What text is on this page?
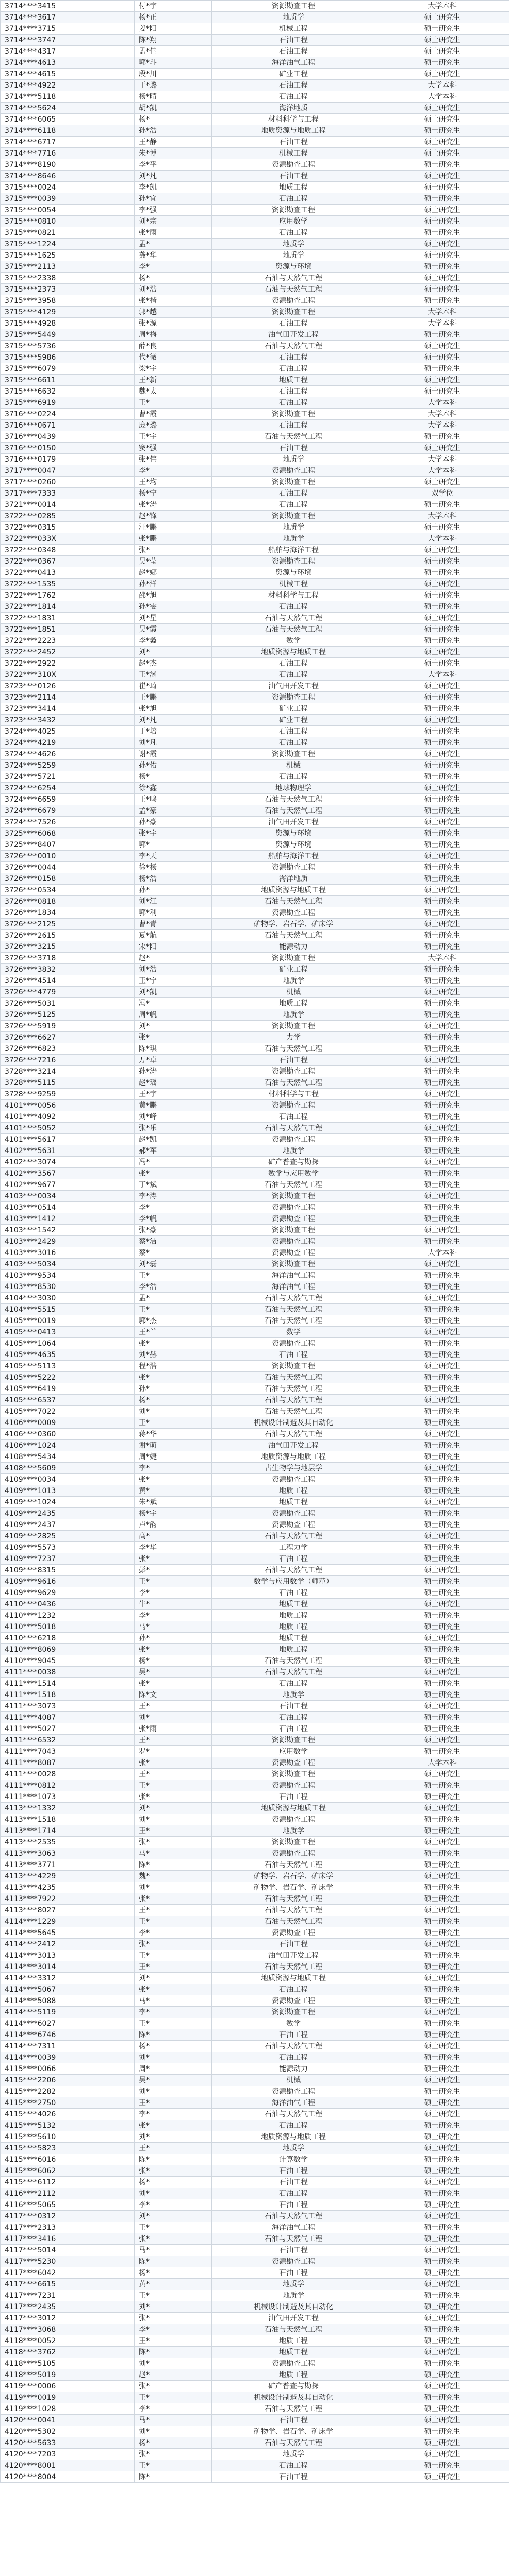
3714****3415	付*宇	资源勘查工程	大学本科
3714****3617	杨*正	地质学	硕士研究生
3714****3715	姜*阳	机械工程	硕士研究生
3714****3747	陈*翔	石油工程	硕士研究生
3714****4317	孟*佳	石油工程	硕士研究生
3714****4613	郭*斗	海洋油气工程	硕士研究生
3714****4615	段*川	矿业工程	硕士研究生
3714****4922	于*璐	石油工程	大学本科
3714****5118	杨*晴	石油工程	大学本科
3714****5624	胡*凯	海洋地质	硕士研究生
3714****6065	杨*	材料科学与工程	硕士研究生
3714****6118	孙*浩	地质资源与地质工程	硕士研究生
3714****6717	王*静	石油工程	硕士研究生
3714****7716	朱*博	机械工程	硕士研究生
3714****8190	李*平	资源勘查工程	硕士研究生
3714****8646	刘*凡	石油工程	硕士研究生
3715****0024	李*凯	地质工程	硕士研究生
3715****0039	孙*宜	石油工程	硕士研究生
3715****0054	李*强	资源勘查工程	硕士研究生
3715****0810	刘*宗	应用数学	硕士研究生
3715****0821	张*雨	石油工程	硕士研究生
3715****1224	孟*	地质学	硕士研究生
3715****1625	龚*华	地质学	硕士研究生
3715****2113	李*	资源与环境	硕士研究生
3715****2338	杨*	石油与天然气工程	硕士研究生
3715****2373	刘*浩	石油与天然气工程	硕士研究生
3715****3958	张*楷	资源勘查工程	硕士研究生
3715****4129	郭*越	资源勘查工程	大学本科
3715****4928	张*源	石油工程	大学本科
3715****5449	周*梅	油气田开发工程	硕士研究生
3715****5736	薛*良	石油与天然气工程	硕士研究生
3715****5986	代*微	石油工程	硕士研究生
3715****6079	梁*宇	石油工程	硕士研究生
3715****6611	王*新	地质工程	硕士研究生
3715****6632	魏*太	石油工程	硕士研究生
3715****6919	王*	石油工程	大学本科
3716****0224	曹*霞	资源勘查工程	大学本科
3716****0671	庞*璐	石油工程	大学本科
3716****0439	王*宇	石油与天然气工程	硕士研究生
3716****0150	窦*强	石油工程	硕士研究生
3716****0179	张*伟	地质学	大学本科
3717****0047	李*	资源勘查工程	大学本科
3717****0260	王*均	资源勘查工程	硕士研究生
3717****7333	杨*宁	石油工程	双学位
3721****0014	张*涛	石油工程	硕士研究生
3722****0285	赵*锋	资源勘查工程	大学本科
3722****0315	汪*鹏	地质学	硕士研究生
3722****033X	张*鹏	地质学	大学本科
3722****0348	张*	船舶与海洋工程	硕士研究生
3722****0367	吴*莹	资源勘查工程	硕士研究生
3722****0413	赵*娜	资源与环境	硕士研究生
3722****1535	孙*洋	机械工程	硕士研究生
3722****1762	邵*旭	材料科学与工程	硕士研究生
3722****1814	孙*雯	石油工程	硕士研究生
3722****1831	刘*星	石油与天然气工程	硕士研究生
3722****1851	吴*霞	石油与天然气工程	硕士研究生
3722****2223	李*鑫	数学	硕士研究生
3722****2452	刘*	地质资源与地质工程	硕士研究生
3722****2922	赵*杰	石油工程	硕士研究生
3722****310X	王*涵	石油工程	大学本科
3723****0126	崔*琦	油气田开发工程	硕士研究生
3723****2114	王*鹏	资源勘查工程	硕士研究生
3723****3414	张*旭	矿业工程	硕士研究生
3723****3432	刘*凡	矿业工程	硕士研究生
3724****4025	丁*培	石油工程	硕士研究生
3724****4219	刘*凡	石油工程	硕士研究生
3724****4626	谢*霞	资源勘查工程	硕士研究生
3724****5259	孙*佑	机械	硕士研究生
3724****5721	杨*	石油工程	硕士研究生
3724****6254	徐*鑫	地球物理学	硕士研究生
3724****6659	王*鸣	石油与天然气工程	硕士研究生
3724****6679	孟*豪	石油与天然气工程	硕士研究生
3724****7526	孙*豪	油气田开发工程	硕士研究生
3725****6068	张*宇	资源与环境	硕士研究生
3725****8407	郭*	资源与环境	硕士研究生
3726****0010	李*天	船舶与海洋工程	硕士研究生
3726****0044	徐*杨	资源勘查工程	硕士研究生
3726****0158	杨*浩	海洋地质	硕士研究生
3726****0534	孙*	地质资源与地质工程	硕士研究生
3726****0818	刘*江	石油与天然气工程	硕士研究生
3726****1834	郭*利	资源勘查工程	硕士研究生
3726****2125	曹*青	矿物学、岩石学、矿床学	硕士研究生
3726****2615	夏*航	石油与天然气工程	硕士研究生
3726****3215	宋*阳	能源动力	硕士研究生
3726****3718	赵*	资源勘查工程	大学本科
3726****3832	刘*浩	矿业工程	硕士研究生
3726****4514	王*宁	地质学	硕士研究生
3726****4779	刘*凯	机械	硕士研究生
3726****5031	冯*	地质工程	硕士研究生
3726****5125	周*帆	地质学	硕士研究生
3726****5919	刘*	资源勘查工程	硕士研究生
3726****6627	张*	力学	硕士研究生
3726****6823	陈*琪	石油与天然气工程	硕士研究生
3726****7216	万*卓	石油工程	硕士研究生
3728****3214	孙*涛	资源勘查工程	硕士研究生
3728****5115	赵*瑶	石油与天然气工程	硕士研究生
3728****9259	王*宇	材料科学与工程	硕士研究生
4101****0056	黄*鹏	资源勘查工程	硕士研究生
4101****4092	刘*峰	石油工程	硕士研究生
4101****5052	张*乐	石油与天然气工程	硕士研究生
4101****5617	赵*凯	资源勘查工程	硕士研究生
4102****5631	郝*军	地质学	硕士研究生
4102****3074	冯*	矿产普查与勘探	硕士研究生
4102****3567	张*	数学与应用数学	硕士研究生
4102****9677	丁*斌	石油与天然气工程	硕士研究生
4103****0034	李*涛	资源勘查工程	硕士研究生
4103****0514	李*	资源勘查工程	硕士研究生
4103****1412	李*帆	资源勘查工程	硕士研究生
4103****1542	张*豪	资源勘查工程	硕士研究生
4103****2429	蔡*洁	资源勘查工程	硕士研究生
4103****3016	蔡*	资源勘查工程	大学本科
4103****5034	刘*磊	资源勘查工程	硕士研究生
4103****9534	王*	海洋油气工程	硕士研究生
4103****8530	李*浩	海洋油气工程	硕士研究生
4104****3030	孟*	石油与天然气工程	硕士研究生
4104****5515	王*	石油与天然气工程	硕士研究生
4105****0019	郭*杰	石油与天然气工程	硕士研究生
4105****0413	王*兰	数学	硕士研究生
4105****1064	张*	资源勘查工程	硕士研究生
4105****4635	刘*赫	石油工程	硕士研究生
4105****5113	程*浩	资源勘查工程	硕士研究生
4105****5222	张*	石油与天然气工程	硕士研究生
4105****6419	孙*	石油与天然气工程	硕士研究生
4105****6537	杨*	石油与天然气工程	硕士研究生
4105****7022	刘*	石油与天然气工程	硕士研究生
4106****0009	王*	机械设计制造及其自动化	硕士研究生
4106****0360	蒋*华	石油与天然气工程	硕士研究生
4106****1024	谢*萌	油气田开发工程	硕士研究生
4108****5434	周*婕	地质资源与地质工程	硕士研究生
4108****5609	李*	古生物学与地层学	硕士研究生
4109****0034	张*	资源勘查工程	硕士研究生
4109****1013	黄*	地质工程	硕士研究生
4109****1024	朱*斌	地质工程	硕士研究生
4109****2435	杨*宇	资源勘查工程	硕士研究生
4109****2437	卢*韵	资源勘查工程	硕士研究生
4109****2825	高*	石油与天然气工程	硕士研究生
4109****5573	李*华	工程力学	硕士研究生
4109****7237	张*	石油工程	硕士研究生
4109****8315	彭*	石油与天然气工程	硕士研究生
4109****9616	王*	数学与应用数学（师范）	硕士研究生
4109****9629	李*	石油工程	硕士研究生
4110****0436	牛*	地质工程	硕士研究生
4110****1232	李*	地质工程	硕士研究生
4110****5018	马*	地质工程	硕士研究生
4110****6218	孙*	地质工程	硕士研究生
4110****8069	张*	地质工程	硕士研究生
4110****9045	杨*	石油与天然气工程	硕士研究生
4111****0038	吴*	石油与天然气工程	硕士研究生
4111****1514	张*	石油工程	硕士研究生
4111****1518	陈*文	地质学	硕士研究生
4111****3073	王*	石油工程	硕士研究生
4111****4087	刘*	石油工程	硕士研究生
4111****5027	张*雨	石油工程	硕士研究生
4111****6532	王*	资源勘查工程	硕士研究生
4111****7043	罗*	应用数学	硕士研究生
4111****8087	张*	资源勘查工程	大学本科
4111****0028	王*	资源勘查工程	硕士研究生
4111****0812	王*	资源勘查工程	硕士研究生
4111****1073	张*	石油工程	硕士研究生
4113****1332	刘*	地质资源与地质工程	硕士研究生
4113****1518	刘*	资源勘查工程	硕士研究生
4113****1714	王*	地质学	硕士研究生
4113****2535	张*	资源勘查工程	硕士研究生
4113****3063	马*	资源勘查工程	硕士研究生
4113****3771	陈*	石油与天然气工程	硕士研究生
4113****4229	魏*	矿物学、岩石学、矿床学	硕士研究生
4113****4235	刘*	矿物学、岩石学、矿床学	硕士研究生
4113****7922	张*	石油与天然气工程	硕士研究生
4113****8027	王*	石油与天然气工程	硕士研究生
4114****1229	王*	石油与天然气工程	硕士研究生
4114****5645	李*	资源勘查工程	硕士研究生
4114****2412	张*	石油工程	硕士研究生
4114****3013	王*	油气田开发工程	硕士研究生
4114****3014	王*	石油与天然气工程	硕士研究生
4114****3312	刘*	地质资源与地质工程	硕士研究生
4114****5067	张*	石油工程	硕士研究生
4114****5088	马*	资源勘查工程	硕士研究生
4114****5119	李*	资源勘查工程	硕士研究生
4114****6027	王*	数学	硕士研究生
4114****6746	陈*	石油工程	硕士研究生
4114****7311	杨*	石油与天然气工程	硕士研究生
4114****0039	刘*	石油工程	硕士研究生
4115****0066	周*	能源动力	硕士研究生
4115****2206	吴*	机械	硕士研究生
4115****2282	刘*	资源勘查工程	硕士研究生
4115****2750	王*	海洋油气工程	硕士研究生
4115****4026	李*	石油与天然气工程	硕士研究生
4115****5132	张*	石油工程	硕士研究生
4115****5610	刘*	地质资源与地质工程	硕士研究生
4115****5823	王*	地质学	硕士研究生
4115****6016	陈*	计算数学	硕士研究生
4115****6062	张*	石油工程	硕士研究生
4115****6112	杨*	石油工程	硕士研究生
4116****2112	刘*	石油工程	硕士研究生
4116****5065	李*	石油工程	硕士研究生
4117****0312	刘*	石油与天然气工程	硕士研究生
4117****2313	王*	海洋油气工程	硕士研究生
4117****3416	张*	石油与天然气工程	硕士研究生
4117****5014	马*	石油工程	硕士研究生
4117****5230	陈*	资源勘查工程	硕士研究生
4117****6042	杨*	石油工程	硕士研究生
4117****6615	黄*	地质学	硕士研究生
4117****7231	王*	地质学	硕士研究生
4117****2435	刘*	机械设计制造及其自动化	硕士研究生
4117****3012	张*	油气田开发工程	硕士研究生
4117****3068	李*	石油与天然气工程	硕士研究生
4118****0052	王*	地质工程	硕士研究生
4118****3762	陈*	地质工程	硕士研究生
4118****5105	刘*	资源勘查工程	硕士研究生
4118****5019	赵*	地质工程	硕士研究生
4119****0006	张*	矿产普查与勘探	硕士研究生
4119****0019	王*	机械设计制造及其自动化	硕士研究生
4119****1028	李*	石油与天然气工程	硕士研究生
4120****0041	马*	石油工程	硕士研究生
4120****5302	刘*	矿物学、岩石学、矿床学	硕士研究生
4120****5633	杨*	石油与天然气工程	硕士研究生
4120****7203	张*	地质学	硕士研究生
4120****8001	王*	石油工程	硕士研究生
4120****8004	陈*	石油工程	硕士研究生
